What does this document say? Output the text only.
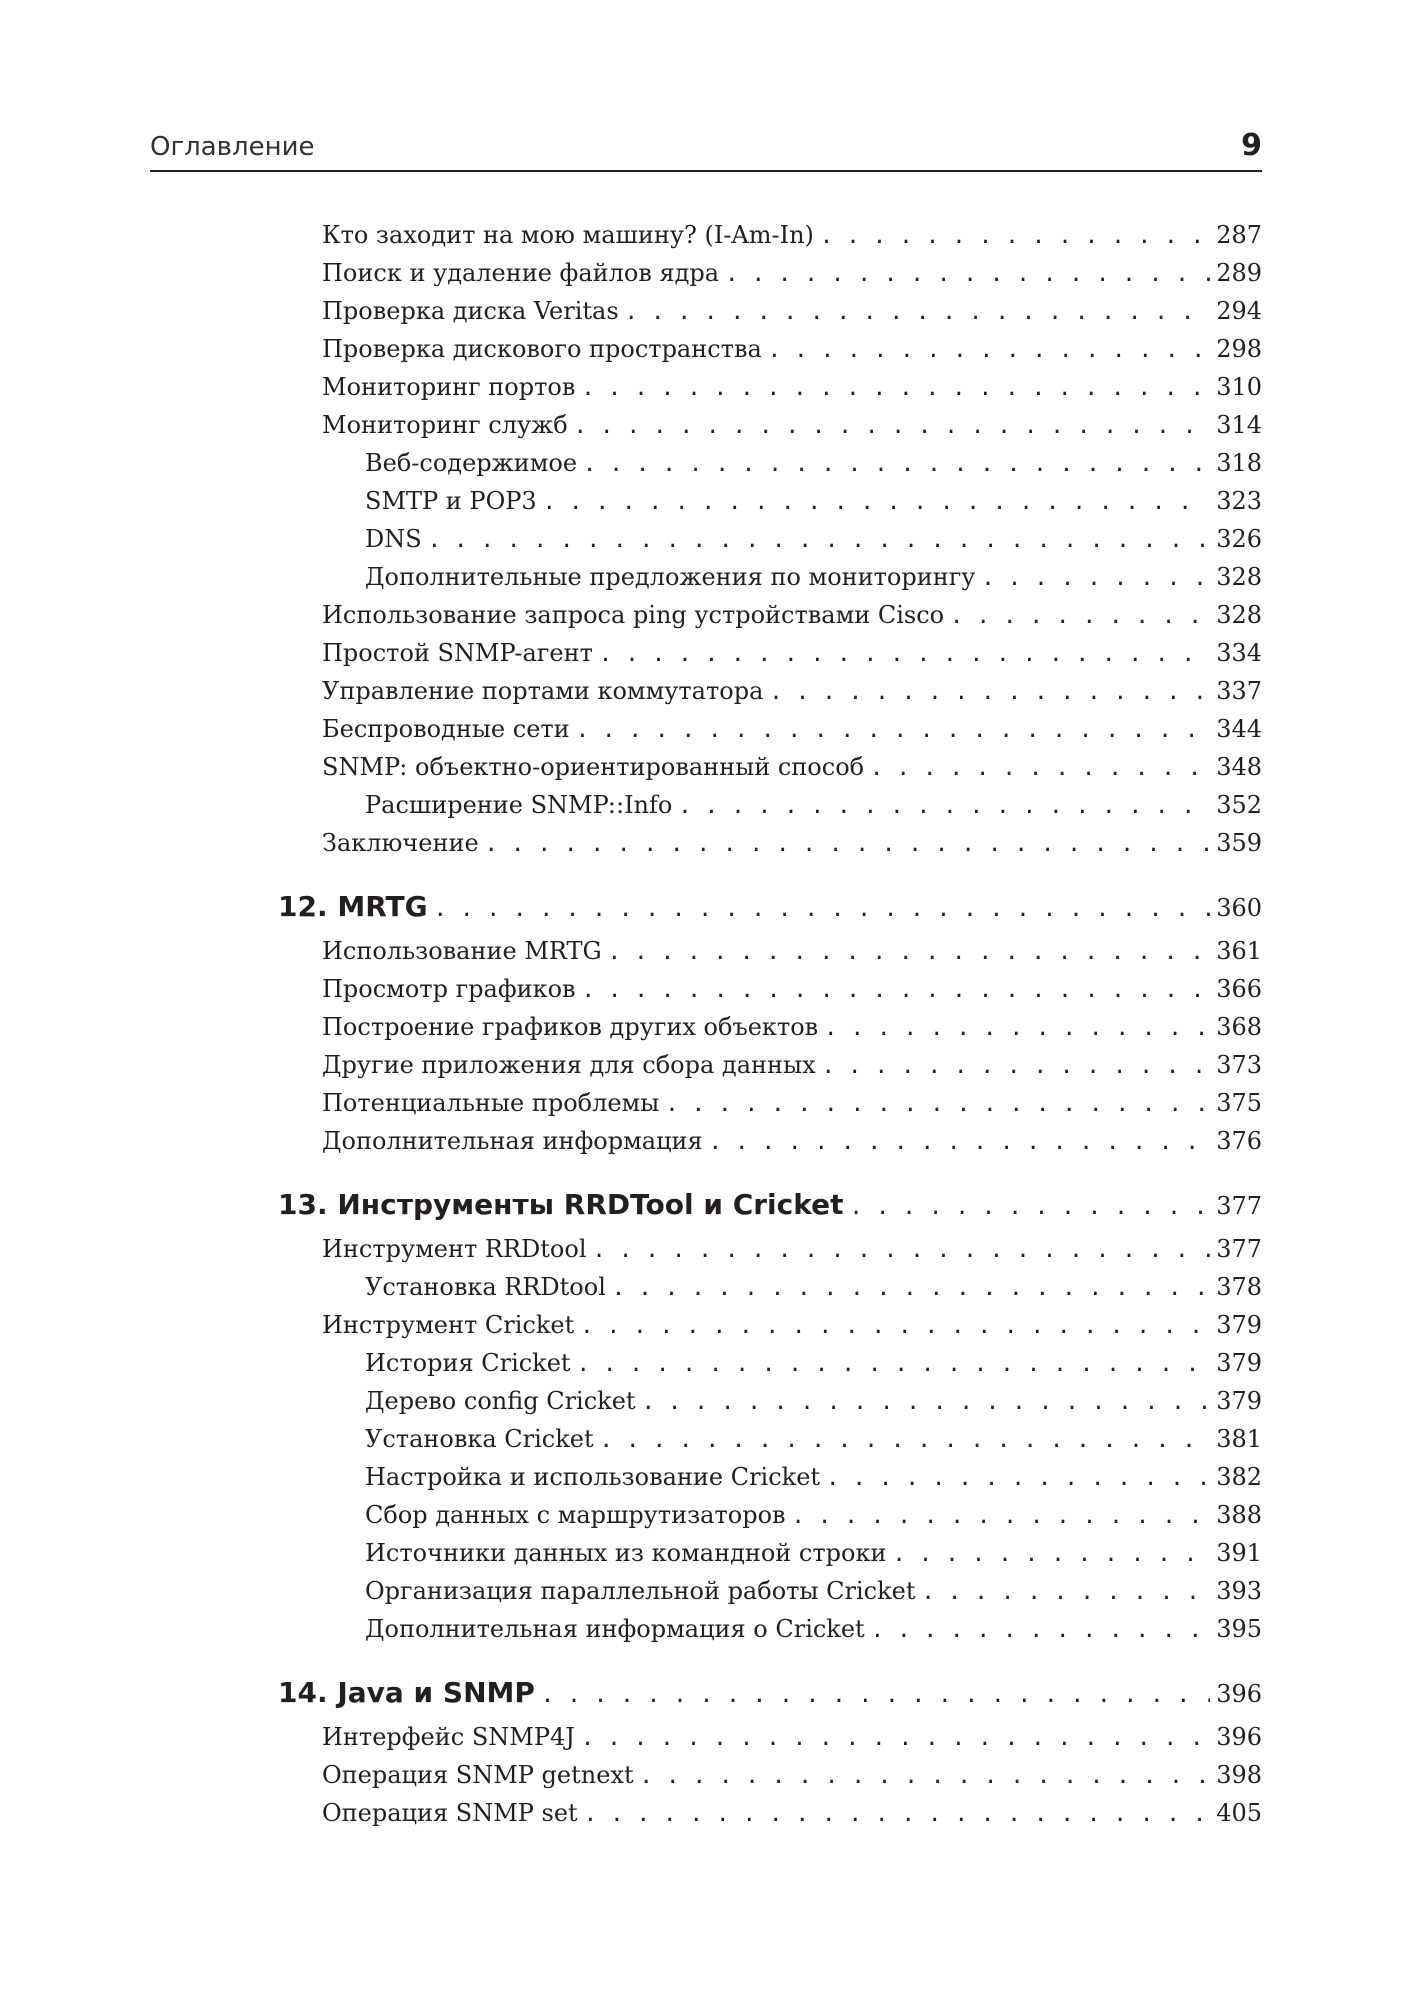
Оглавление	9
Кто заходит на мою машину? (I-Am-In) . . .	287
Поиск и удаление файлов ядра . . .	289
Проверка диска Veritas . . .	294
Проверка дискового пространства . . .	298
Мониторинг портов . . .	310
Мониторинг служб . . .	314
Веб-содержимое . . .	318
SMTP и POP3 . . .	323
DNS . . .	326
Дополнительные предложения по мониторингу . . .	328
Использование запроса ping устройствами Cisco . . .	328
Простой SNMP-агент . . .	334
Управление портами коммутатора . . .	337
Беспроводные сети . . .	344
SNMP: объектно-ориентированный способ . . .	348
Расширение SNMP::Info . . .	352
Заключение . . .	359
12. MRTG . . .	360
Использование MRTG . . .	361
Просмотр графиков . . .	366
Построение графиков других объектов . . .	368
Другие приложения для сбора данных . . .	373
Потенциальные проблемы . . .	375
Дополнительная информация . . .	376
13. Инструменты RRDTool и Cricket . . .	377
Инструмент RRDtool . . .	377
Установка RRDtool . . .	378
Инструмент Cricket . . .	379
История Cricket . . .	379
Дерево config Cricket . . .	379
Установка Cricket . . .	381
Настройка и использование Cricket . . .	382
Сбор данных с маршрутизаторов . . .	388
Источники данных из командной строки . . .	391
Организация параллельной работы Cricket . . .	393
Дополнительная информация о Cricket . . .	395
14. Java и SNMP . . .	396
Интерфейс SNMP4J . . .	396
Операция SNMP getnext . . .	398
Операция SNMP set . . .	405
